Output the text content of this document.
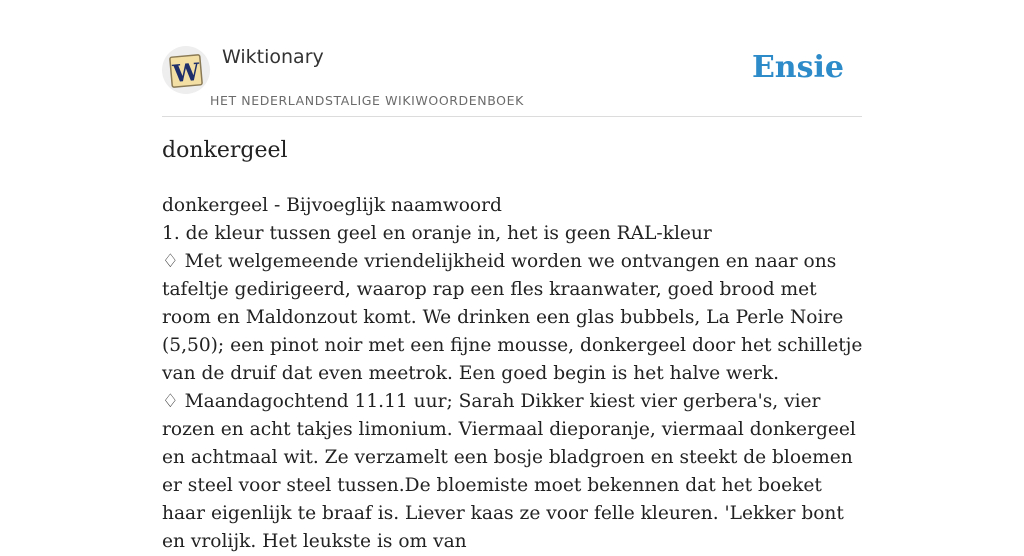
W Wiktionary
HET NEDERLANDSTALIGE WIKIWOORDENBOEK
Ensie
donkergeel
donkergeel - Bijvoeglijk naamwoord
1. de kleur tussen geel en oranje in, het is geen RAL-kleur
♢ Met welgemeende vriendelijkheid worden we ontvangen en naar ons tafeltje gedirigeerd, waarop rap een fles kraanwater, goed brood met room en Maldonzout komt. We drinken een glas bubbels, La Perle Noire (5,50); een pinot noir met een fijne mousse, donkergeel door het schilletje van de druif dat even meetrok. Een goed begin is het halve werk.
♢ Maandagochtend 11.11 uur; Sarah Dikker kiest vier gerbera's, vier rozen en acht takjes limonium. Viermaal dieporanje, viermaal donkergeel en achtmaal wit. Ze verzamelt een bosje bladgroen en steekt de bloemen er steel voor steel tussen.De bloemiste moet bekennen dat het boeket haar eigenlijk te braaf is. Liever kaas ze voor felle kleuren. 'Lekker bont en vrolijk. Het leukste is om van
